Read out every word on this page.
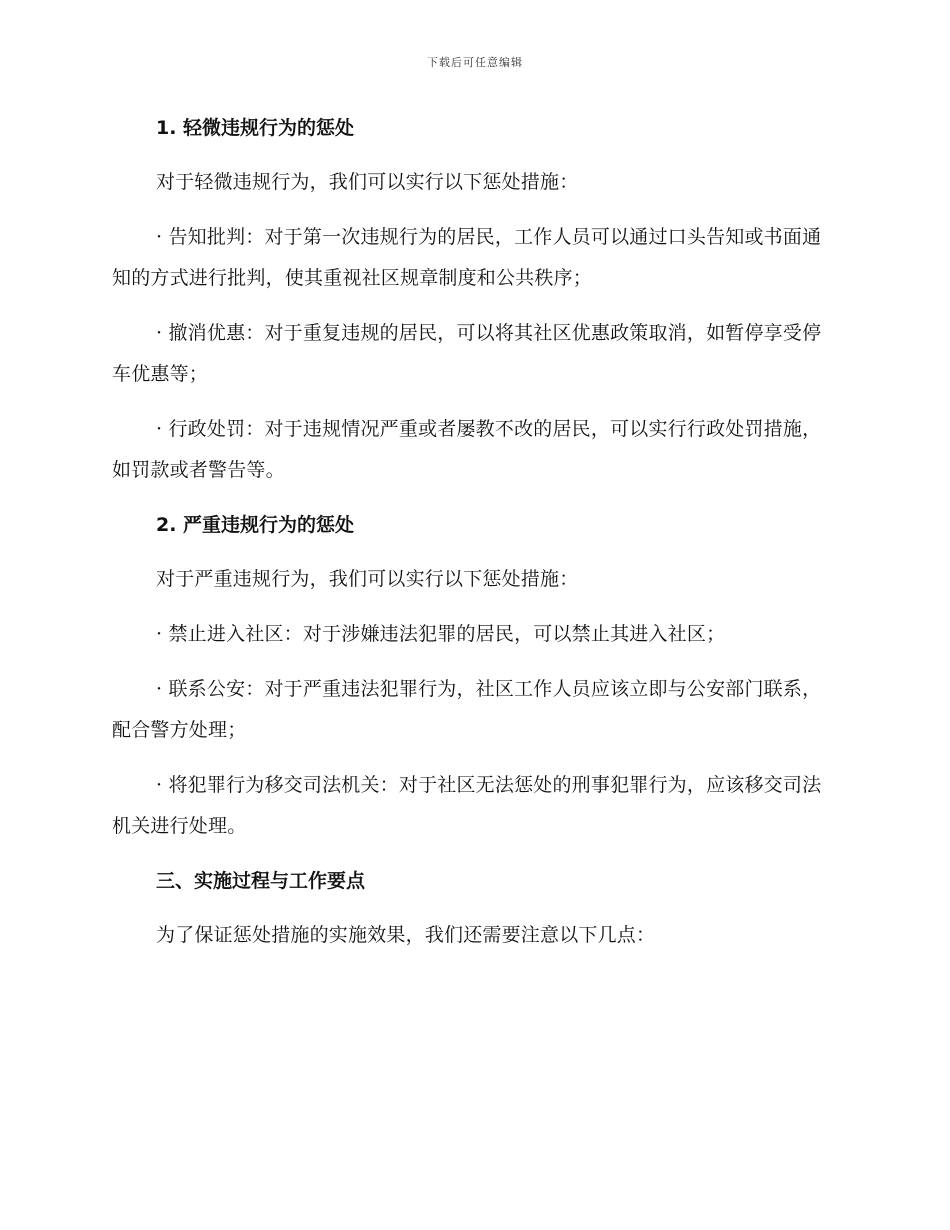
下载后可任意编辑
1. 轻微违规行为的惩处

对于轻微违规行为，我们可以实行以下惩处措施：

· 告知批判：对于第一次违规行为的居民，工作人员可以通过口头告知或书面通知的方式进行批判，使其重视社区规章制度和公共秩序；

· 撤消优惠：对于重复违规的居民，可以将其社区优惠政策取消，如暂停享受停车优惠等；

· 行政处罚：对于违规情况严重或者屡教不改的居民，可以实行行政处罚措施，如罚款或者警告等。

2. 严重违规行为的惩处

对于严重违规行为，我们可以实行以下惩处措施：

· 禁止进入社区：对于涉嫌违法犯罪的居民，可以禁止其进入社区；

· 联系公安：对于严重违法犯罪行为，社区工作人员应该立即与公安部门联系，配合警方处理；

· 将犯罪行为移交司法机关：对于社区无法惩处的刑事犯罪行为，应该移交司法机关进行处理。

三、实施过程与工作要点

为了保证惩处措施的实施效果，我们还需要注意以下几点：
